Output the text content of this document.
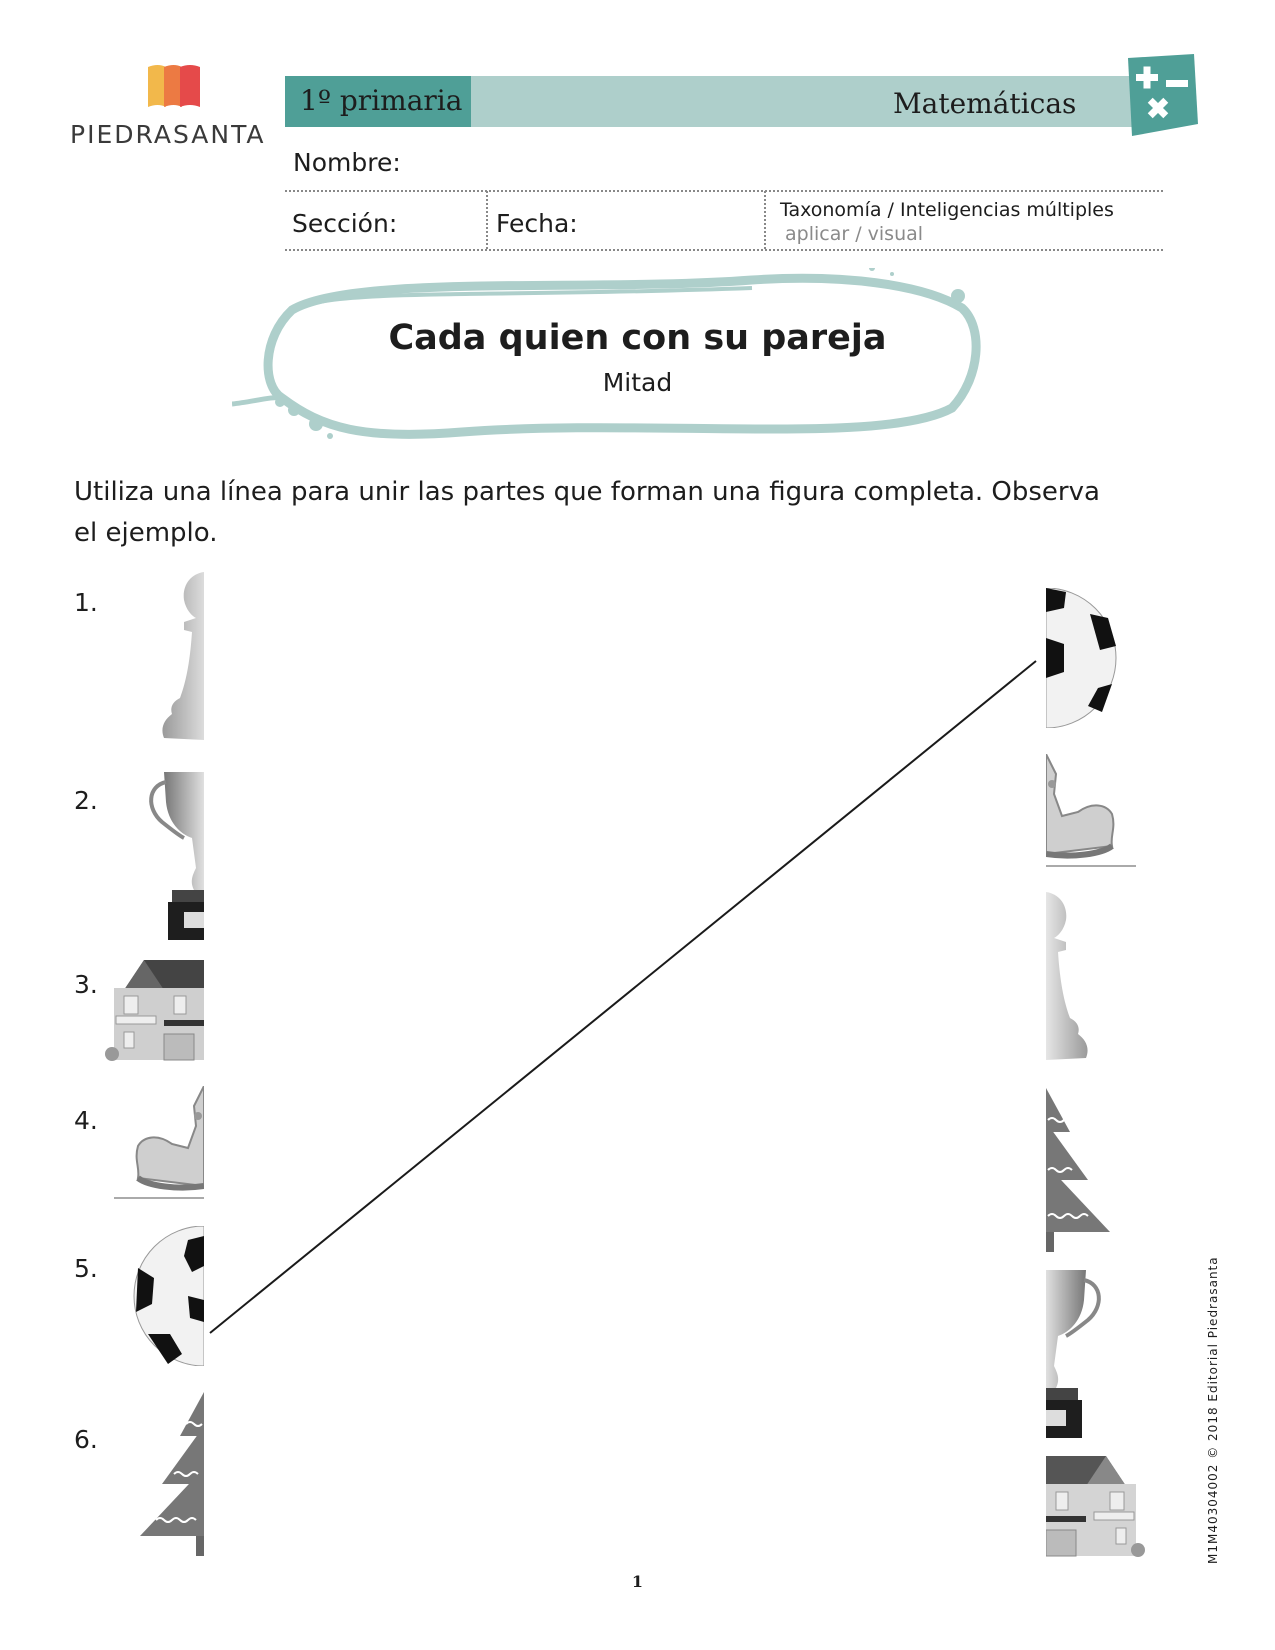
PIEDRASANTA
1º primaria	Matemáticas
Nombre:
Sección:	Fecha:	Taxonomía / Inteligencias múltiples
aplicar / visual
Cada quien con su pareja
Mitad
Utiliza una línea para unir las partes que forman una figura completa. Observa el ejemplo.
1.
2.
3.
4.
5.
6.
1
M1M40304002 © 2018 Editorial Piedrasanta
